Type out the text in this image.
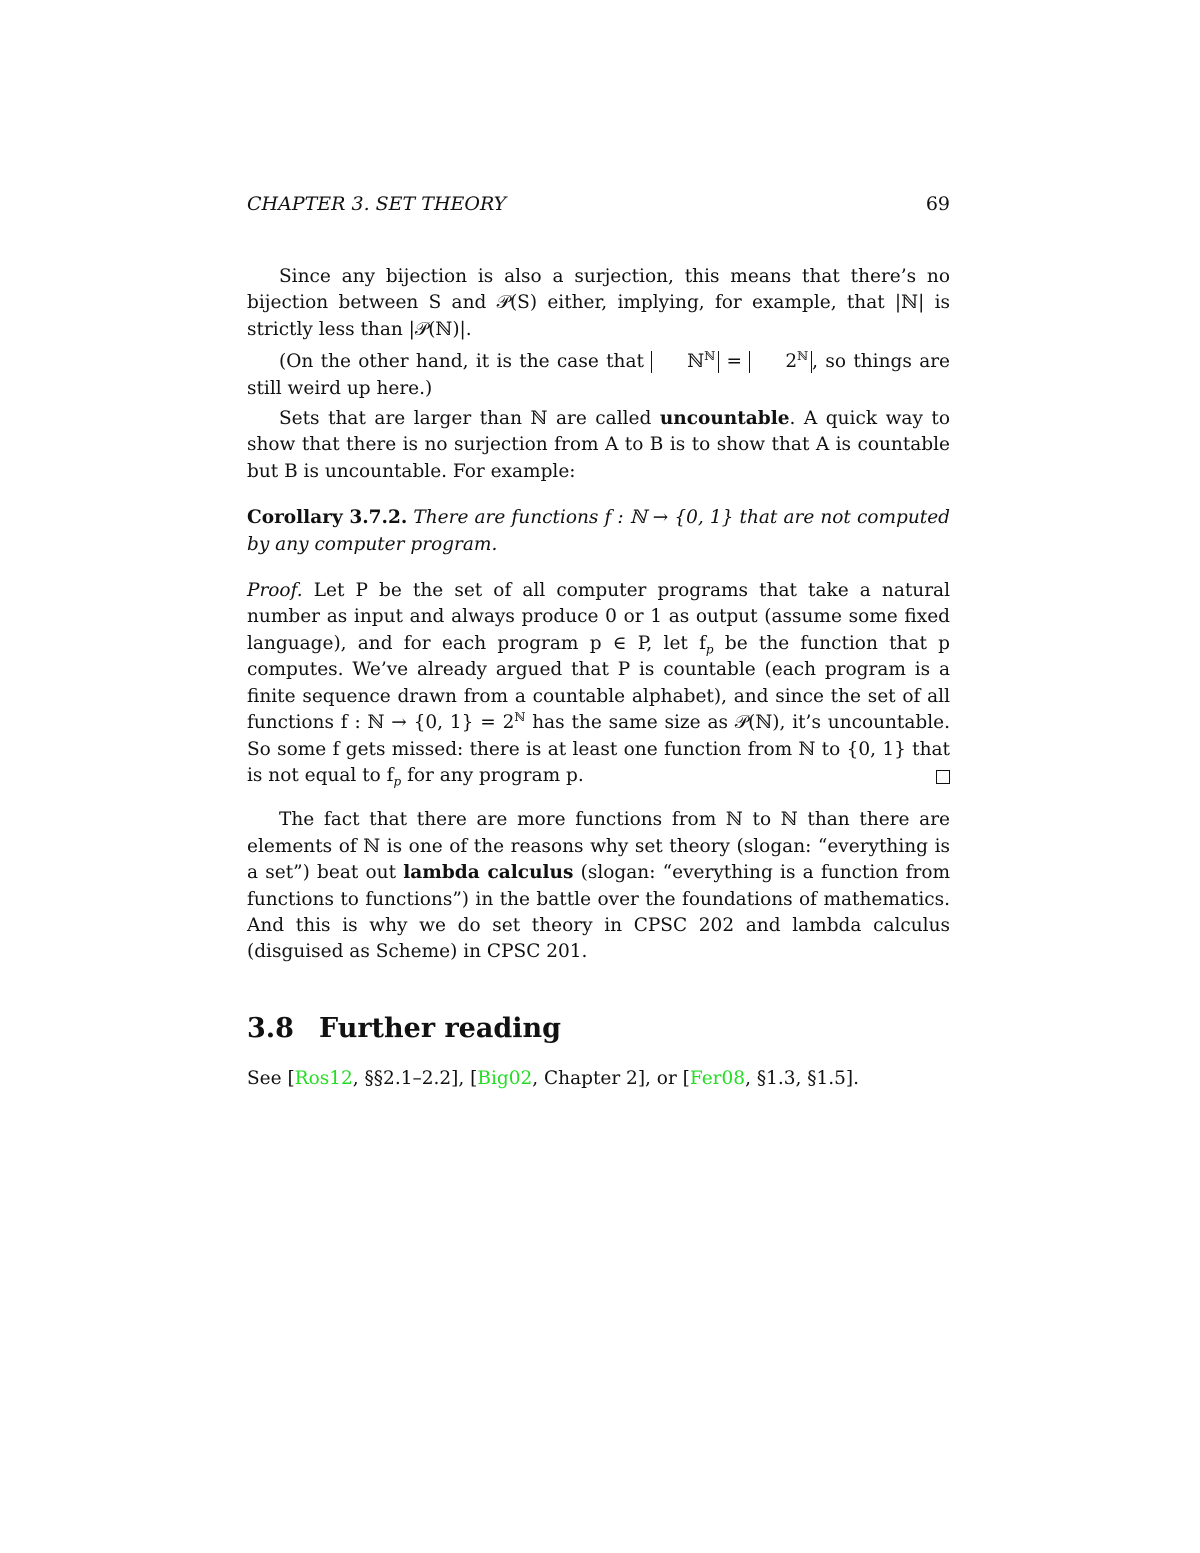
CHAPTER 3. SET THEORY	69

Since any bijection is also a surjection, this means that there’s no bijection between S and 𝒫(S) either, implying, for example, that |ℕ| is strictly less than |𝒫(ℕ)|.

(On the other hand, it is the case that ℕ$^ℕ$ = $2^ℕ$ , so things are still weird up here.)

Sets that are larger than ℕ are called uncountable. A quick way to show that there is no surjection from A to B is to show that A is countable but B is uncountable. For example:

Corollary 3.7.2. There are functions f : ℕ → {0, 1} that are not computed by any computer program.

Proof. Let P be the set of all computer programs that take a natural number as input and always produce 0 or 1 as output (assume some fixed language), and for each program p ∈ P, let $f_p$ be the function that p computes. We’ve already argued that P is countable (each program is a finite sequence drawn from a countable alphabet), and since the set of all functions f : ℕ → {0, $1\} = 2^ℕ$ has the same size as 𝒫(ℕ), it’s uncountable. So some f gets missed: there is at least one function from ℕ to {0, 1} that is not equal to $f_p$ for any program p.

The fact that there are more functions from ℕ to ℕ than there are elements of ℕ is one of the reasons why set theory (slogan: “everything is a set”) beat out lambda calculus (slogan: “everything is a function from functions to functions”) in the battle over the foundations of mathematics. And this is why we do set theory in CPSC 202 and lambda calculus (disguised as Scheme) in CPSC 201.

3.8 Further reading

See [Ros12, §§2.1–2.2], [Big02, Chapter 2], or [Fer08, §1.3, §1.5].
